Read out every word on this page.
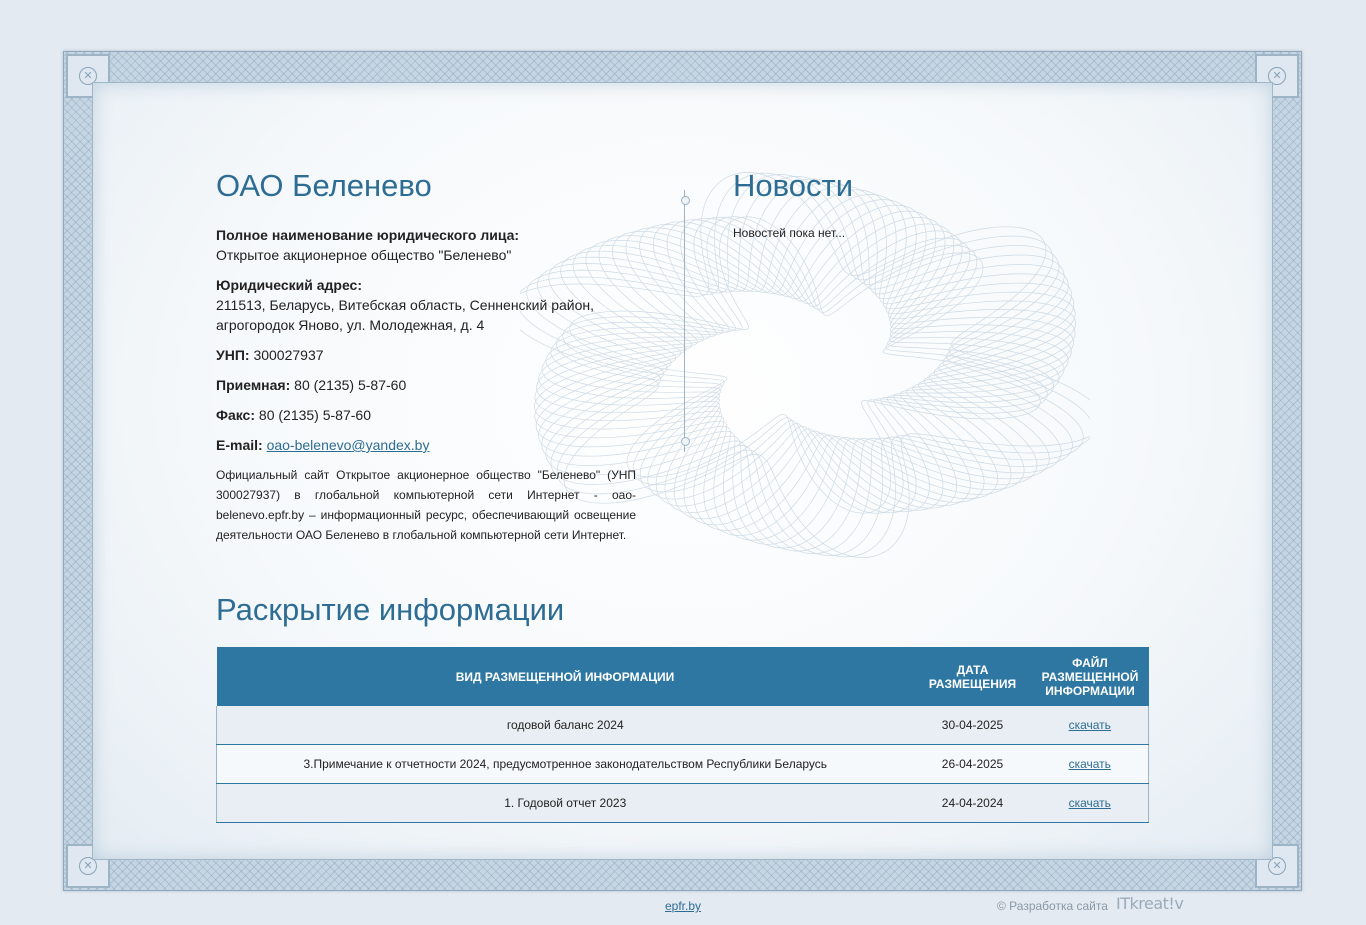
✕	✕
✕	✕
ОАО Беленево

Полное наименование юридического лица:
Открытое акционерное общество "Беленево"

Юридический адрес:
211513, Беларусь, Витебская область, Сенненский район, агрогородок Яново, ул. Молодежная, д. 4

УНП: 300027937

Приемная: 80 (2135) 5-87-60

Факс: 80 (2135) 5-87-60

E-mail: oao-belenevo@yandex.by

Официальный сайт Открытое акционерное общество "Беленево" (УНП 300027937) в глобальной компьютерной сети Интернет - oao-belenevo.epfr.by – информационный ресурс, обеспечивающий освещение деятельности ОАО Беленево в глобальной компьютерной сети Интернет.

Новости
Новостей пока нет...
Раскрытие информации
ВИД РАЗМЕЩЕННОЙ ИНФОРМАЦИИ	ДАТА РАЗМЕЩЕНИЯ	ФАЙЛ РАЗМЕЩЕННОЙ ИНФОРМАЦИИ
годовой баланс 2024	30-04-2025	скачать
3.Примечание к отчетности 2024, предусмотренное законодательством Республики Беларусь	26-04-2025	скачать
1. Годовой отчет 2023	24-04-2024	скачать
epfr.by	© Разработка сайта ITkreat!v
